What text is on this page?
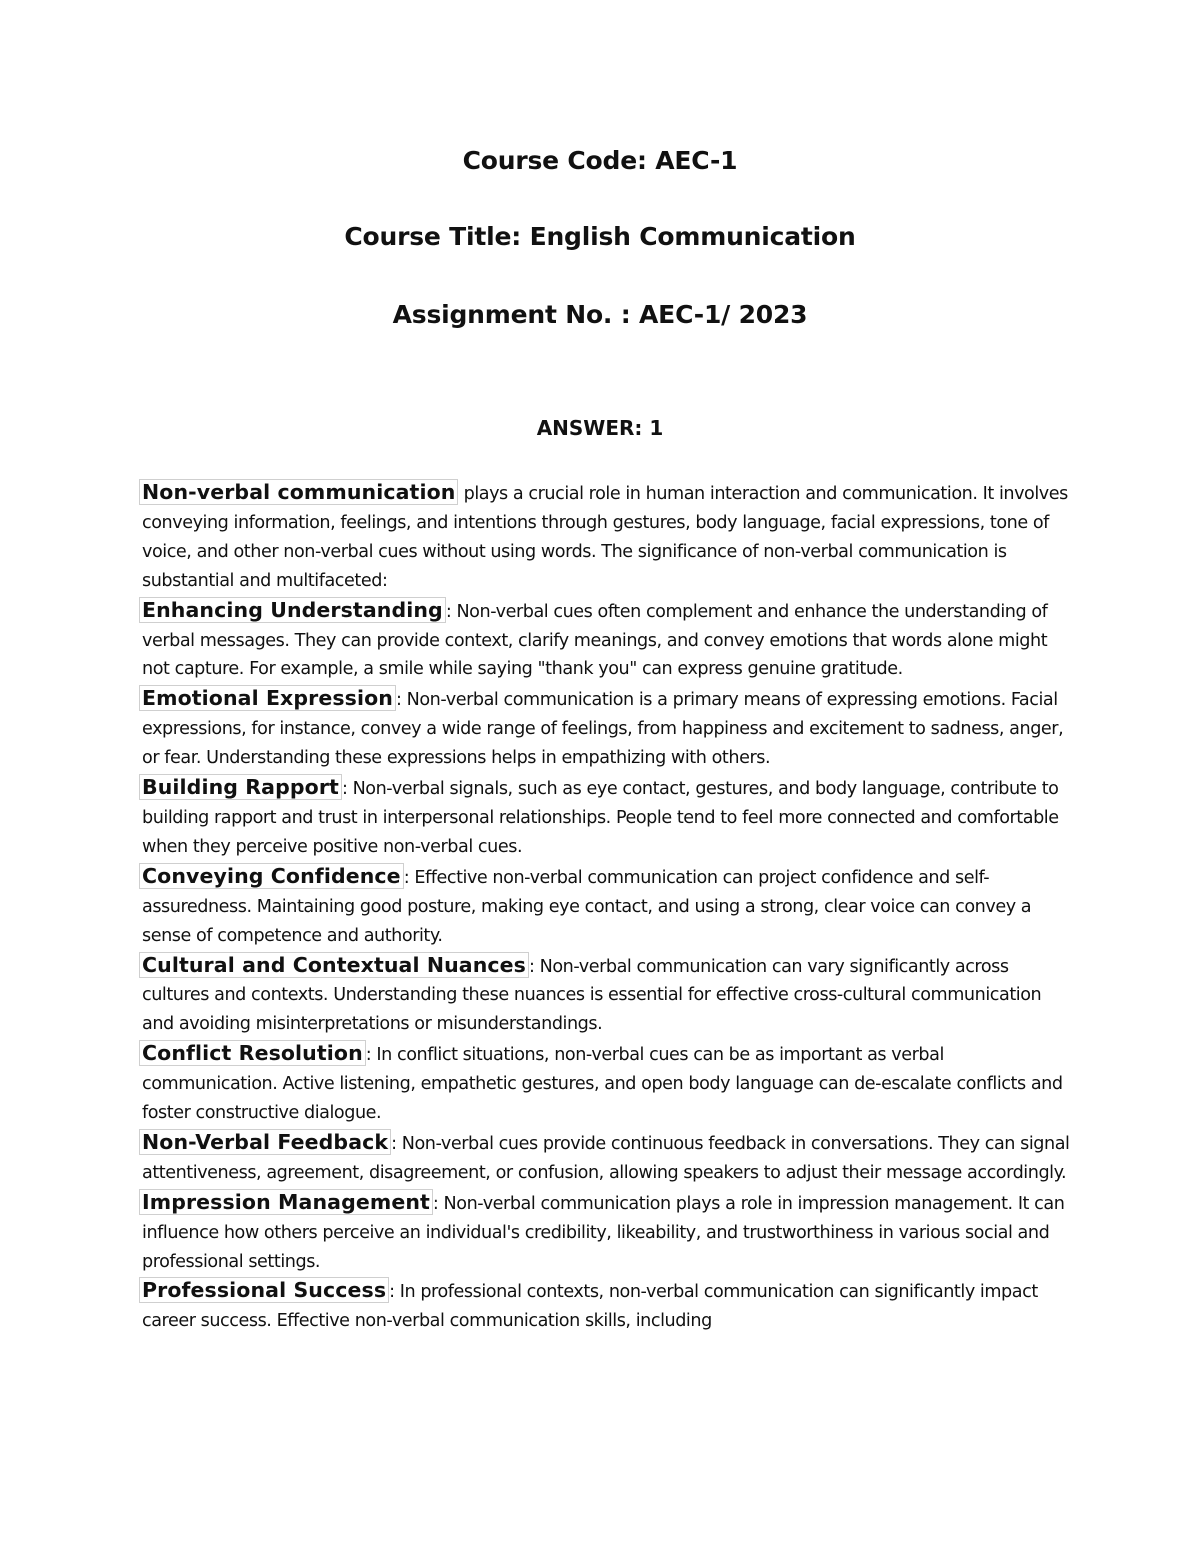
Course Code: AEC-1
Course Title: English Communication
Assignment No. : AEC-1/ 2023
ANSWER: 1

Non-verbal communication plays a crucial role in human interaction and communication. It involves conveying information, feelings, and intentions through gestures, body language, facial expressions, tone of voice, and other non-verbal cues without using words. The significance of non-verbal communication is substantial and multifaceted:

Enhancing Understanding : Non-verbal cues often complement and enhance the understanding of verbal messages. They can provide context, clarify meanings, and convey emotions that words alone might not capture. For example, a smile while saying "thank you" can express genuine gratitude.

Emotional Expression : Non-verbal communication is a primary means of expressing emotions. Facial expressions, for instance, convey a wide range of feelings, from happiness and excitement to sadness, anger, or fear. Understanding these expressions helps in empathizing with others.

Building Rapport : Non-verbal signals, such as eye contact, gestures, and body language, contribute to building rapport and trust in interpersonal relationships. People tend to feel more connected and comfortable when they perceive positive non-verbal cues.

Conveying Confidence : Effective non-verbal communication can project confidence and self-assuredness. Maintaining good posture, making eye contact, and using a strong, clear voice can convey a sense of competence and authority.

Cultural and Contextual Nuances : Non-verbal communication can vary significantly across cultures and contexts. Understanding these nuances is essential for effective cross-cultural communication and avoiding misinterpretations or misunderstandings.

Conflict Resolution : In conflict situations, non-verbal cues can be as important as verbal communication. Active listening, empathetic gestures, and open body language can de-escalate conflicts and foster constructive dialogue.

Non-Verbal Feedback : Non-verbal cues provide continuous feedback in conversations. They can signal attentiveness, agreement, disagreement, or confusion, allowing speakers to adjust their message accordingly.

Impression Management : Non-verbal communication plays a role in impression management. It can influence how others perceive an individual's credibility, likeability, and trustworthiness in various social and professional settings.

Professional Success : In professional contexts, non-verbal communication can significantly impact career success. Effective non-verbal communication skills, including
